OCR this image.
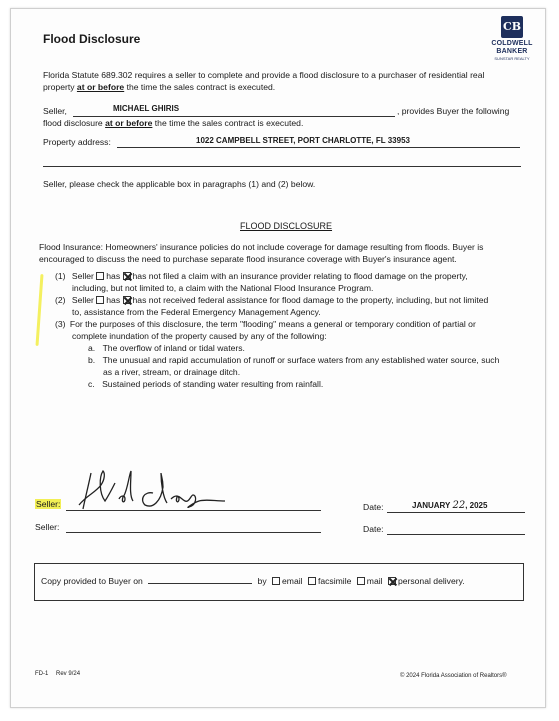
Flood Disclosure
CB
COLDWELL
BANKER
SUNSTAR REALTY
Florida Statute 689.302 requires a seller to complete and provide a flood disclosure to a purchaser of residential real
property at or before the time the sales contract is executed.
Seller,	MICHAEL GHIRIS	, provides Buyer the following
flood disclosure at or before the time the sales contract is executed.
Property address:	1022 CAMPBELL STREET, PORT CHARLOTTE, FL 33953
Seller, please check the applicable box in paragraphs (1) and (2) below.
FLOOD DISCLOSURE
Flood Insurance: Homeowners' insurance policies do not include coverage for damage resulting from floods. Buyer is
encouraged to discuss the need to purchase separate flood insurance coverage with Buyer's insurance agent.
(1) Seller has has not filed a claim with an insurance provider relating to flood damage on the property,
including, but not limited to, a claim with the National Flood Insurance Program.
(2) Seller has has not received federal assistance for flood damage to the property, including, but not limited
to, assistance from the Federal Emergency Management Agency.
(3) For the purposes of this disclosure, the term "flooding" means a general or temporary condition of partial or
complete inundation of the property caused by any of the following:
a. The overflow of inland or tidal waters.
b. The unusual and rapid accumulation of runoff or surface waters from any established water source, such
as a river, stream, or drainage ditch.
c. Sustained periods of standing water resulting from rainfall.
Seller:	Date:	JANUARY 22, 2025
Seller:	Date:
Copy provided to Buyer on	by email facsimile mail personal delivery.
FD-1 Rev 9/24	© 2024 Florida Association of Realtors®
